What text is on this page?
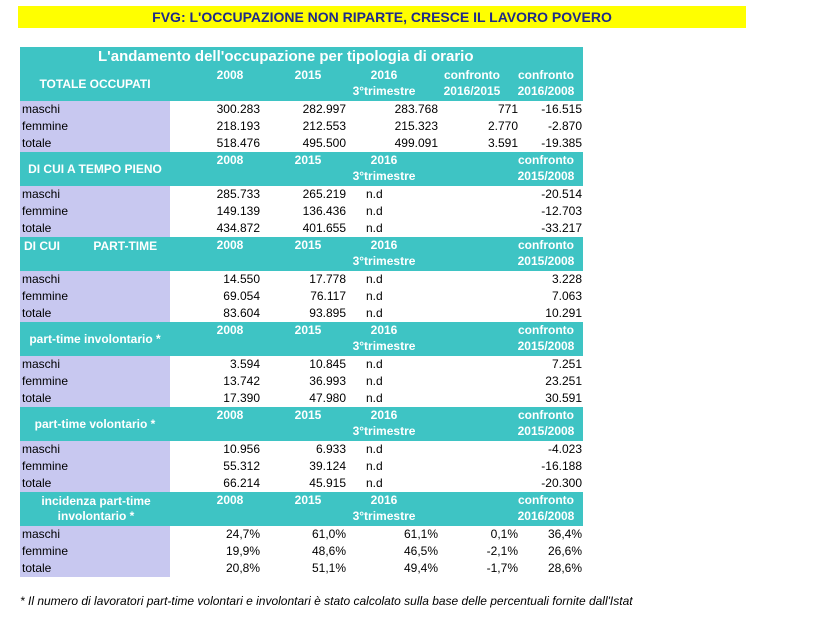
FVG: L'OCCUPAZIONE NON RIPARTE, CRESCE IL LAVORO POVERO
L'andamento dell'occupazione per tipologia di orario
TOTALE OCCUPATI
2008	2015	2016
3°trimestre
confronto
2016/2015
confronto
2016/2008
maschi	300.283	282.997	283.768	771	-16.515
femmine	218.193	212.553	215.323	2.770	-2.870
totale	518.476	495.500	499.091	3.591	-19.385
DI CUI A TEMPO PIENO
2008	2015	2016
3°trimestre
confronto
2015/2008
maschi	285.733	265.219 n.d	-20.514
femmine	149.139	136.436 n.d	-12.703
totale	434.872	401.655 n.d	-33.217
DI CUI          PART-TIME	2008	2015	2016
3°trimestre
confronto
2015/2008
maschi	14.550	17.778 n.d	3.228
femmine	69.054	76.117 n.d	7.063
totale	83.604	93.895 n.d	10.291
part-time involontario *
2008	2015	2016
3°trimestre
confronto
2015/2008
maschi	3.594	10.845 n.d	7.251
femmine	13.742	36.993 n.d	23.251
totale	17.390	47.980 n.d	30.591
part-time volontario *
2008	2015	2016
3°trimestre
confronto
2015/2008
maschi	10.956	6.933 n.d	-4.023
femmine	55.312	39.124 n.d	-16.188
totale	66.214	45.915 n.d	-20.300
incidenza part-time involontario *
2008	2015	2016
3°trimestre
confronto
2016/2008
maschi	24,7%	61,0%	61,1%	0,1%	36,4%
femmine	19,9%	48,6%	46,5%	-2,1%	26,6%
totale	20,8%	51,1%	49,4%	-1,7%	28,6%
* Il numero di lavoratori part-time volontari e involontari è stato calcolato sulla base delle percentuali fornite dall'Istat
